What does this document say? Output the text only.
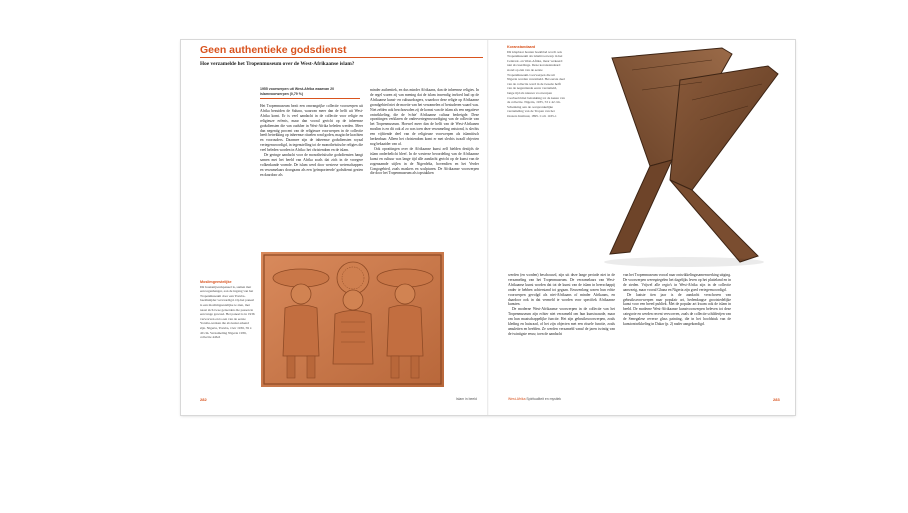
Geen authentieke godsdienst
Hoe verzamelde het Tropenmuseum over de West-Afrikaanse islam?
1955 voorwerpen uit West-Afrika waarvan 20 islamvoorwerpen (0,79 %)

Het Tropenmuseum bezit een omvangrijke collectie voorwerpen uit Afrika bezuiden de Sahara, waarvan meer dan de helft uit West-Afrika komt. Er is veel aandacht in de collectie voor religie en religieuze erfenis, maar dan vooral gericht op de inheemse godsdiensten die van oudsher in West-Afrika beleden werden. Meer dan negentig procent van de religieuze voorwerpen in de collectie heeft betrekking op inheemse rituelen rond goden, magische krachten en voorouders. Daarmee zijn de inheemse godsdiensten royaal vertegenwoordigd, in tegenstelling tot de monotheïstische religies die veel beleden worden in Afrika: het christendom en de islam.

De geringe aandacht voor de monotheïstische godsdiensten hangt samen met het beeld van Afrika zoals dat zich in de vroegere volkenkunde vormde. De islam werd door westerse wetenschappers en verzamelaars doorgaans als een 'geïmporteerde' godsdienst gezien en daardoor als

minder authentiek, en dus minder Afrikaans, dan de inheemse religies. In de regel waren zij van mening dat de islam inwendig invloed had op de Afrikaanse kunst- en cultuurdragers, waardoor deze religie op Afrikaanse grondgebied niet de moeite van het verzamelen of bestuderen waard was. Niet zelden ook beschouwden zij de komst van de islam als een negatieve ontwikkeling, die de 'echte' Afrikaanse cultuur bedreigde. Deze opvattingen verklaren de ondervertegenwoordiging van de collectie van het Tropenmuseum. Hoewel meer dan de helft van de West-Afrikanen moslim is en dit ook al zo was toen deze verzameling ontstond, is slechts een vijftiende deel van de religieuze voorwerpen als islamitisch herkenbaar. Alleen het christendom komt er met slechts twaalf objecten nog bekaaider van af.

Ook opvattingen over de Afrikaanse kunst zelf hielden destijds de islam onderbelicht bleef. In de westerse beoordeling van de Afrikaanse kunst en cultuur was lange tijd alle aandacht gericht op de kunst van de zogenaamde stijlen in de Nigerdelta, bovendien en het Verder Congogebied, zoals maskers en sculpturen. De Afrikaanse voorwerpen die door het Tropenmuseum als topstukken

Moslimgeestelijke
Dit houtsnijwerkpaneel is, samen met een tegenhanger, aan de ingang van het Tropenmuseum door een Yoruba-beeldsnijder vervaardigd. Op het paneel is een moslimgeestelijke te zien, met naast zich twee geleerden die passen in een lange gewaad. Het paneel is in 1936 verworven en is een van de eerste Yoruba-werken die als kunst erkend zijn. Nigeria, Yoruba, vóór 1936, 59 x 40 cm. Verzameling Nigeria 1936, collectie 446-6
282	Islam in beeld
Koranstandaard
Dit klapbaar houten boekblad wordt ook Tropenmuseum als islamvoorwerp in het Centraal- en West-Afrika, maar verkeerd niet als leerdinge. Deze koranstandaard stond op één van de eerste Tropenmuseum-voorwerpen die uit Nigeria werden verzameld. Het eerste deel van de collectie werd in de tweede helft van de negentiende eeuw verzameld, lange tijd als nieuwe voorwerpen voorbeeld met betrekking tot de keuze van de collectie. Nigeria, 1935, 53 x 42 cm. Schenking aan de oorspronkelijke verzameling van de Tropen van het Oosters Instituut, 1895. Coll. 1165-1

werden (en worden) beschouwd, zijn uit deze lange periode niet in de verzameling van het Tropenmuseum. De verzamelaars van West-Afrikaanse kunst worden dat tot de kunst van de islam in heerschappij onder te hebben achterstand tot gegaan. Eeuwenlang waren hun echte voorwerpen gevolgd als niet-Afrikaans of minder Afrikaans, en daardoor ook in dat vermeld te worden voor specifiek Afrikaanse kunsten.

De moderne West-Afrikaanse voorwerpen in de collectie van het Tropenmuseum zijn echter niet verzameld om hun kunstwaarde, maar om hun maatschappelijke functie. Het zijn gebruiksvoorwerpen, zoals kleding en huisraad, of het zijn objecten met een rituele functie, zoals amuletten en beelden. Ze werden verzameld vanaf de jaren twintig van de twintigste eeuw, toen de aandacht

van het Tropenmuseum vooral naar ontwikkelingssamenwerking uitging. De voorwerpen weerspiegelen het dagelijks leven op het platteland en in de steden. Vrijwel alle regio's in West-Afrika zijn in de collectie aanwezig, maar vooral Ghana en Nigeria zijn goed vertegenwoordigd.

De laatste tien jaar is de aandacht verschoven van gebruiksvoorwerpen naar populair art, hedendaagse grootstedelijke kunst voor een breed publiek. Met de popular art kwam ook de islam in beeld. De moderne West-Afrikaanse kunstvoorwerpen beleven tot deze categorie en werden recent verworven, zoals de collectie schilderijen van de Senegalese reverse glass painting, die in het hoofdstuk van de kunstontwikkeling in Dakar (p. 2) nader aangekondigd.

West-Afrika Spiritualiteit en mystiek	283
